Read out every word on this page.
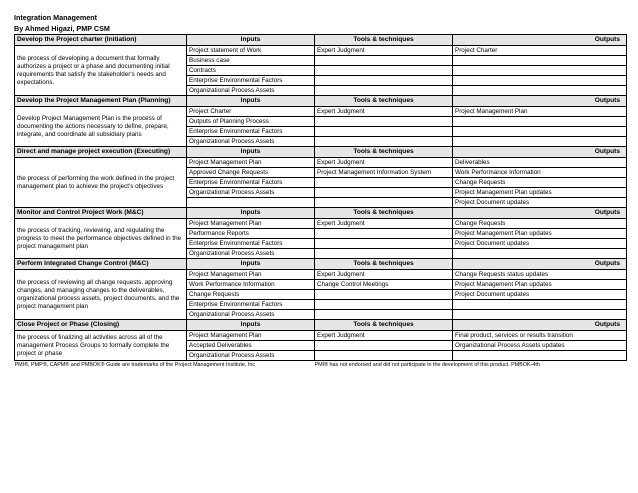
Integration Management
By Ahmed Higazi, PMP CSM
Develop the Project charter (Initiation)	Inputs	Tools & techniques	Outputs
the process of developing a document that formally authorizes a project or a phase and documenting initial requirements that satisfy the stakeholder's needs and expectations.	Project statement of Work	Expert Judgment	Project Charter
	Business case		
	Contracts		
	Enterprise Environmental Factors		
	Organizational Process Assets		
Develop the Project Management Plan (Planning)	Inputs	Tools & techniques	Outputs
Develop Project Management Plan is the process of documenting the actions necessary to define, prepare, integrate, and coordinate all subsidiary plans	Project Charter	Expert Judgment	Project Management Plan
	Outputs of Planning Process		
	Enterprise Environmental Factors		
	Organizational Process Assets		
Direct and manage project execution (Executing)	Inputs	Tools & techniques	Outputs
the process of performing the work defined in the project management plan to achieve the project's objectives	Project Management Plan	Expert Judgment	Deliverables
	Approved Change Requests	Project Management Information System	Work Performance Information
	Enterprise Environmental Factors		Change Requests
	Organizational Process Assets		Project Management Plan updates
			Project Document updates
Monitor and Control Project Work (M&C)	Inputs	Tools & techniques	Outputs
the process of tracking, reviewing, and regulating the progress to meet the performance objectives defined in the project management plan	Project Management Plan	Expert Judgment	Change Requests
	Performance Reports		Project Management Plan updates
	Enterprise Environmental Factors		Project Document updates
	Organizational Process Assets		
Perform Integrated Change Control (M&C)	Inputs	Tools & techniques	Outputs
the process of reviewing all change requests, approving changes, and managing changes to the deliverables, organizational process assets, project documents, and the project management plan	Project Management Plan	Expert Judgment	Change Requests status updates
	Work Performance Information	Change Control Meetings	Project Management Plan updates
	Change Requests		Project Document updates
	Enterprise Environmental Factors		
	Organizational Process Assets		
Close Project or Phase (Closing)	Inputs	Tools & techniques	Outputs
the process of finalizing all activities across all of the management Process Groups to formally complete the project or phase	Project Management Plan	Expert Judgment	Final product, services or results transition
	Accepted Deliverables		Organizational Process Assets updates
	Organizational Process Assets		
PMI®, PMP®, CAPM® and PMBOK® Guide are trademarks of the Project Management Institute, Inc		PMI® has not endorsed and did not participate in the development of this product. PMBOK-4th	
